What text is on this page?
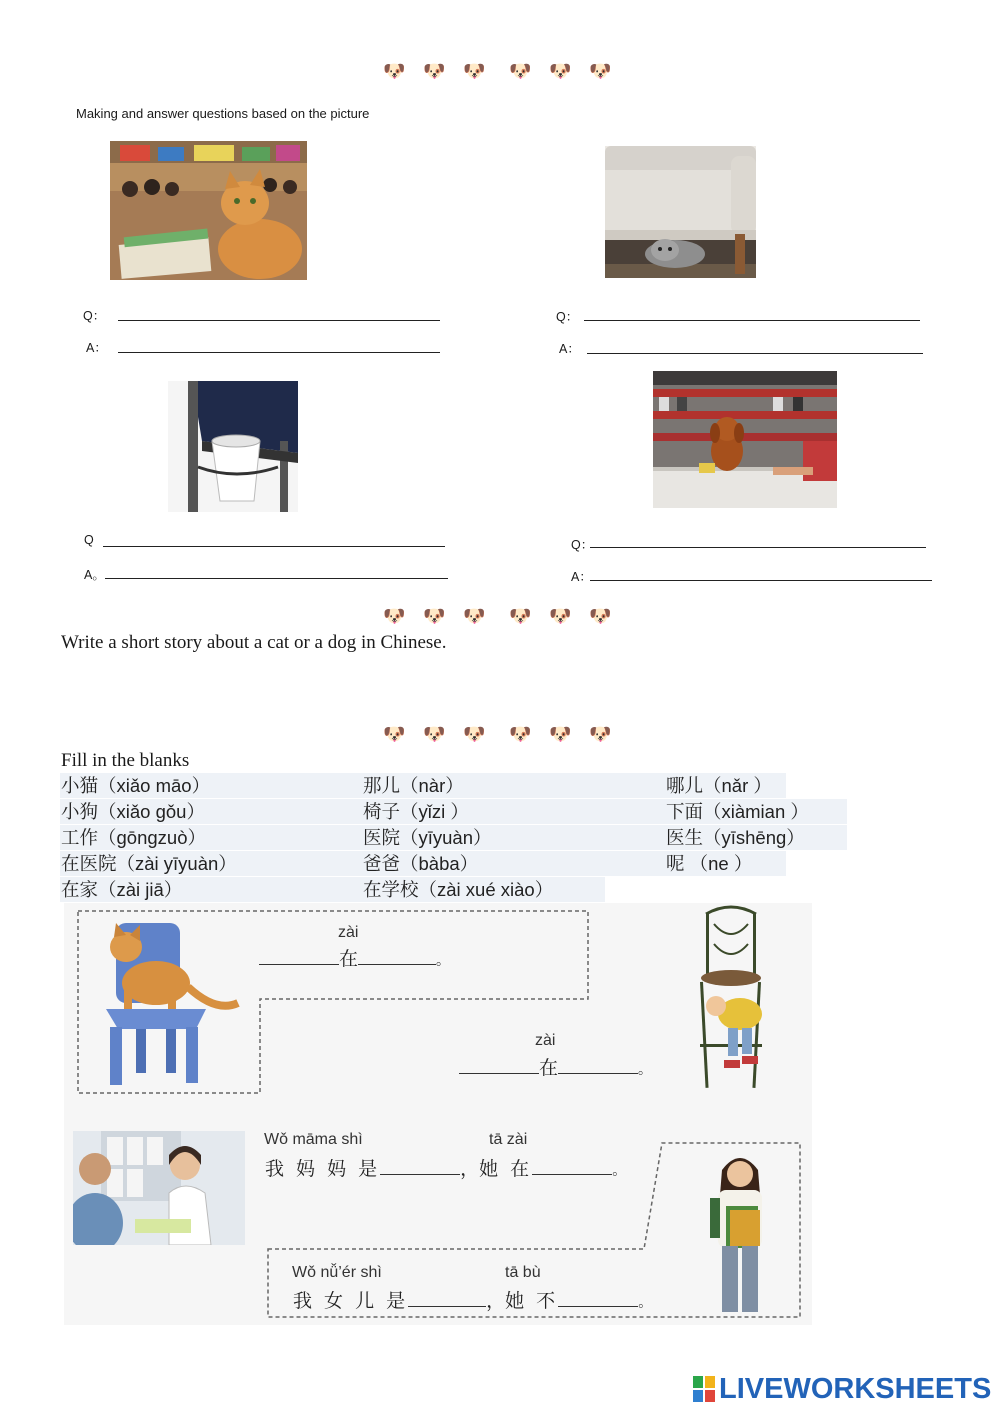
🐶 🐶 🐶 🐶 🐶 🐶
Making and answer questions based on the picture
Q：
A：
Q：
A：
Q
A。
Q：
A：
🐶 🐶 🐶 🐶 🐶 🐶
Write a short story about a cat or a dog in Chinese.
🐶 🐶 🐶 🐶 🐶 🐶
Fill in the blanks
小猫（xiǎo māo）	那儿（nàr）	哪儿（nǎr ）
小狗（xiǎo gǒu）	椅子（yǐzi ）	下面（xiàmian ）
工作（gōngzuò）	医院（yīyuàn）	医生（yīshēng）
在医院（zài yīyuàn）	爸爸（bàba）	呢 （ne ）
在家（zài jiā）	在学校（zài xué xiào）
zài
在	。
zài
在	。
Wǒ māma shì	tā zài
我 妈 妈 是	，她 在	。
Wǒ nǚ’ér shì	tā bù
我 女 儿 是	，她 不	。
LIVEWORKSHEETS
